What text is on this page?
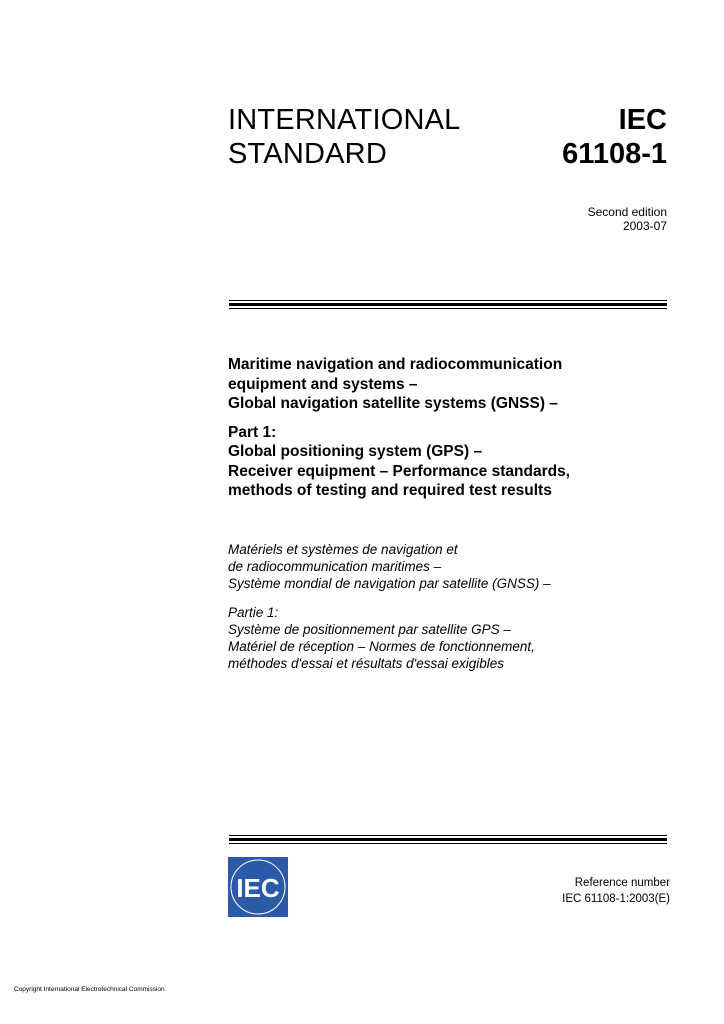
INTERNATIONAL
STANDARD
IEC
61108-1
Second edition
2003-07
Maritime navigation and radiocommunication
equipment and systems –
Global navigation satellite systems (GNSS) –
Part 1:
Global positioning system (GPS) –
Receiver equipment – Performance standards,
methods of testing and required test results
Matériels et systèmes de navigation et
de radiocommunication maritimes –
Système mondial de navigation par satellite (GNSS) –
Partie 1:
Système de positionnement par satellite GPS –
Matériel de réception – Normes de fonctionnement,
méthodes d'essai et résultats d'essai exigibles
IEC	Reference number
IEC 61108-1:2003(E)
Copyright International Electrotechnical Commission
